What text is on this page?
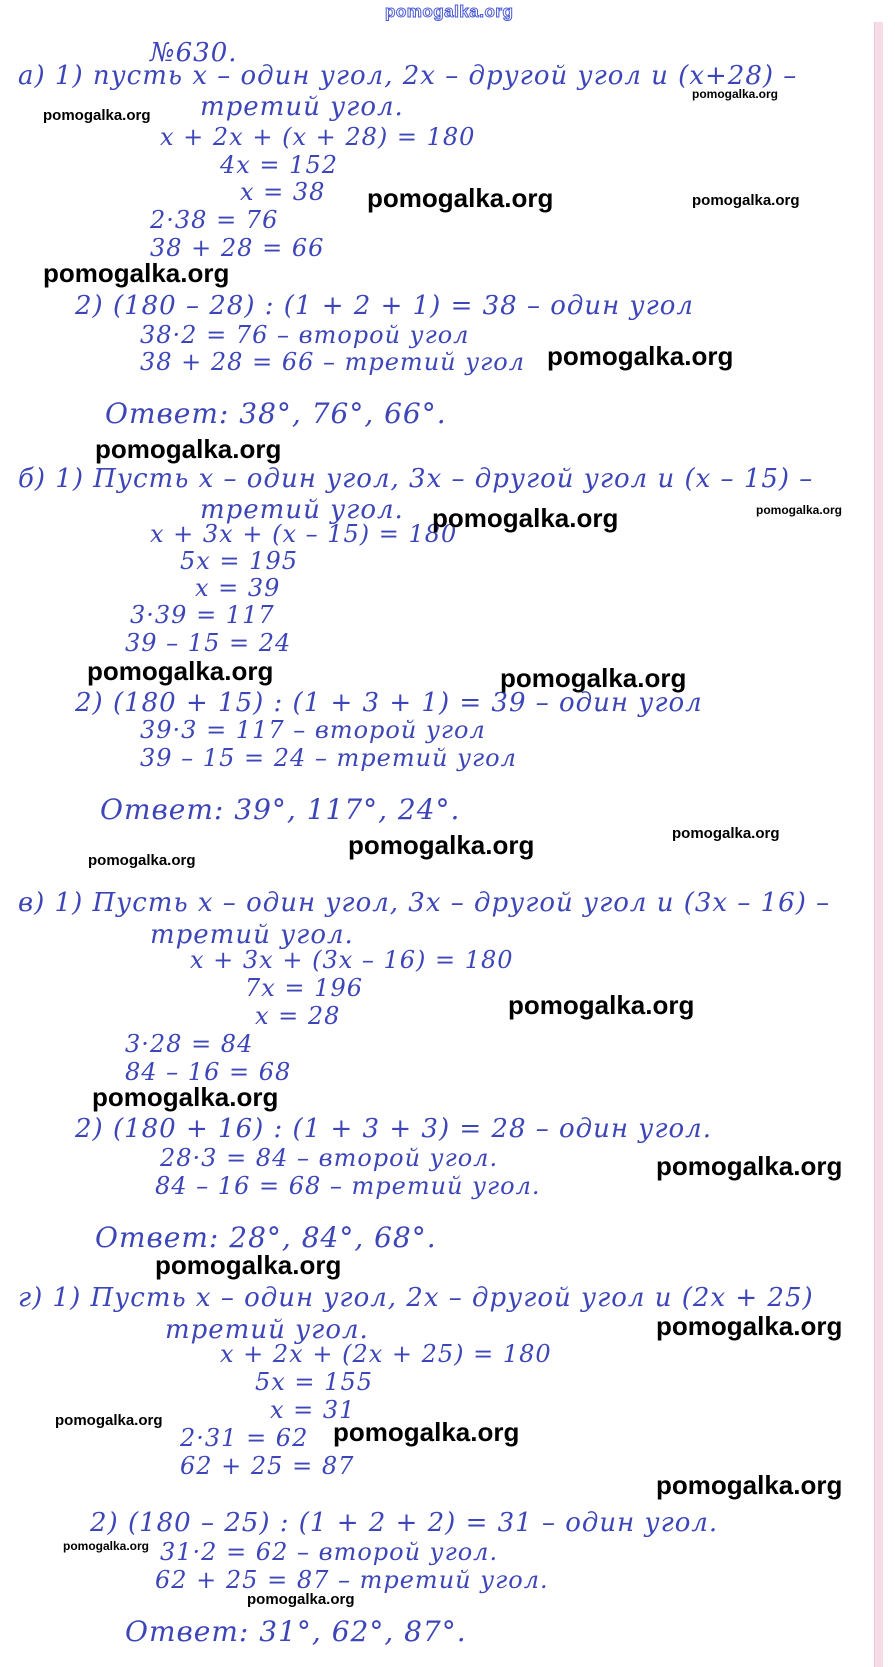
pomogalka.org
№630.
а) 1) пусть х – один угол, 2х – другой угол и (х+28) –
третий угол.
х + 2х + (х + 28) = 180
4х = 152
х = 38
2·38 = 76
38 + 28 = 66
2) (180 – 28) : (1 + 2 + 1) = 38 – один угол
38·2 = 76 – второй угол
38 + 28 = 66 – третий угол
Ответ: 38°, 76°, 66°.
б) 1) Пусть х – один угол, 3х – другой угол и (х – 15) –
третий угол.
х + 3х + (х – 15) = 180
5х = 195
х = 39
3·39 = 117
39 – 15 = 24
2) (180 + 15) : (1 + 3 + 1) = 39 – один угол
39·3 = 117 – второй угол
39 – 15 = 24 – третий угол
Ответ: 39°, 117°, 24°.
в) 1) Пусть х – один угол, 3х – другой угол и (3х – 16) –
третий угол.
х + 3х + (3х – 16) = 180
7х = 196
х = 28
3·28 = 84
84 – 16 = 68
2) (180 + 16) : (1 + 3 + 3) = 28 – один угол.
28·3 = 84 – второй угол.
84 – 16 = 68 – третий угол.
Ответ: 28°, 84°, 68°.
г) 1) Пусть х – один угол, 2х – другой угол и (2х + 25)
третий угол.
х + 2х + (2х + 25) = 180
5х = 155
х = 31
2·31 = 62
62 + 25 = 87
2) (180 – 25) : (1 + 2 + 2) = 31 – один угол.
31·2 = 62 – второй угол.
62 + 25 = 87 – третий угол.
Ответ: 31°, 62°, 87°.
pomogalka.org
pomogalka.org
pomogalka.org	pomogalka.org
pomogalka.org
pomogalka.org
pomogalka.org
pomogalka.org	pomogalka.org
pomogalka.org	pomogalka.org
pomogalka.org
pomogalka.org
pomogalka.org
pomogalka.org
pomogalka.org
pomogalka.org
pomogalka.org
pomogalka.org
pomogalka.org	pomogalka.org
pomogalka.org
pomogalka.org
pomogalka.org
